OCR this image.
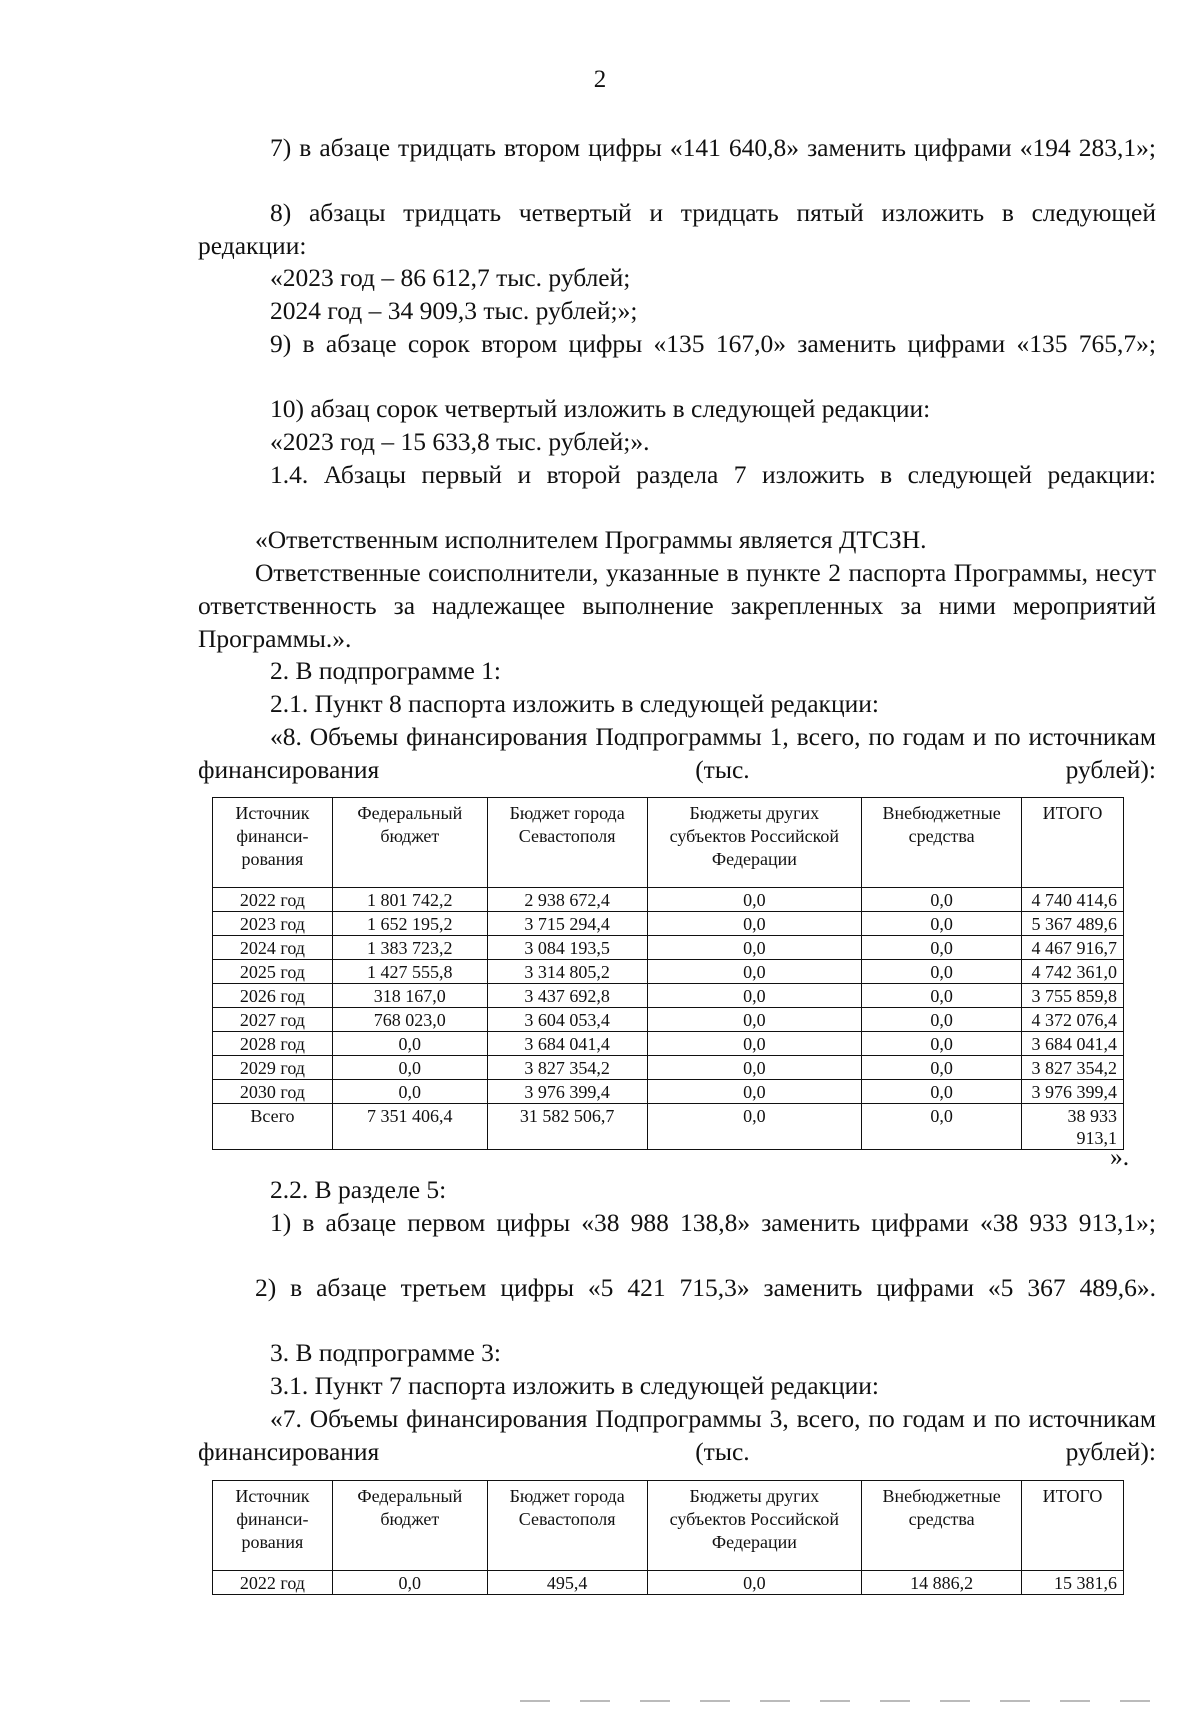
2

7) в абзаце тридцать втором цифры «141 640,8» заменить цифрами «194 283,1»;

8) абзацы тридцать четвертый и тридцать пятый изложить в следующей редакции:

«2023 год – 86 612,7 тыс. рублей;

2024 год – 34 909,3 тыс. рублей;»;

9) в абзаце сорок втором цифры «135 167,0» заменить цифрами «135 765,7»;

10) абзац сорок четвертый изложить в следующей редакции:

«2023 год – 15 633,8 тыс. рублей;».

1.4. Абзацы первый и второй раздела 7 изложить в следующей редакции:

«Ответственным исполнителем Программы является ДТСЗН.

Ответственные соисполнители, указанные в пункте 2 паспорта Программы, несут ответственность за надлежащее выполнение закрепленных за ними мероприятий Программы.».

2. В подпрограмме 1:

2.1. Пункт 8 паспорта изложить в следующей редакции:

«8. Объемы финансирования Подпрограммы 1, всего, по годам и по источникам финансирования (тыс. рублей):

Источник финанси-рования	Федеральный бюджет	Бюджет города Севастополя	Бюджеты других субъектов Российской Федерации	Внебюджетные средства	ИТОГО
2022 год	1 801 742,2	2 938 672,4	0,0	0,0	4 740 414,6
2023 год	1 652 195,2	3 715 294,4	0,0	0,0	5 367 489,6
2024 год	1 383 723,2	3 084 193,5	0,0	0,0	4 467 916,7
2025 год	1 427 555,8	3 314 805,2	0,0	0,0	4 742 361,0
2026 год	318 167,0	3 437 692,8	0,0	0,0	3 755 859,8
2027 год	768 023,0	3 604 053,4	0,0	0,0	4 372 076,4
2028 год	0,0	3 684 041,4	0,0	0,0	3 684 041,4
2029 год	0,0	3 827 354,2	0,0	0,0	3 827 354,2
2030 год	0,0	3 976 399,4	0,0	0,0	3 976 399,4
Всего	7 351 406,4	31 582 506,7	0,0	0,0	38 933 913,1
».

2.2. В разделе 5:

1) в абзаце первом цифры «38 988 138,8» заменить цифрами «38 933 913,1»;

2) в абзаце третьем цифры «5 421 715,3» заменить цифрами «5 367 489,6».

3. В подпрограмме 3:

3.1. Пункт 7 паспорта изложить в следующей редакции:

«7. Объемы финансирования Подпрограммы 3, всего, по годам и по источникам финансирования (тыс. рублей):

Источник финанси-рования	Федеральный бюджет	Бюджет города Севастополя	Бюджеты других субъектов Российской Федерации	Внебюджетные средства	ИТОГО
2022 год	0,0	495,4	0,0	14 886,2	15 381,6
